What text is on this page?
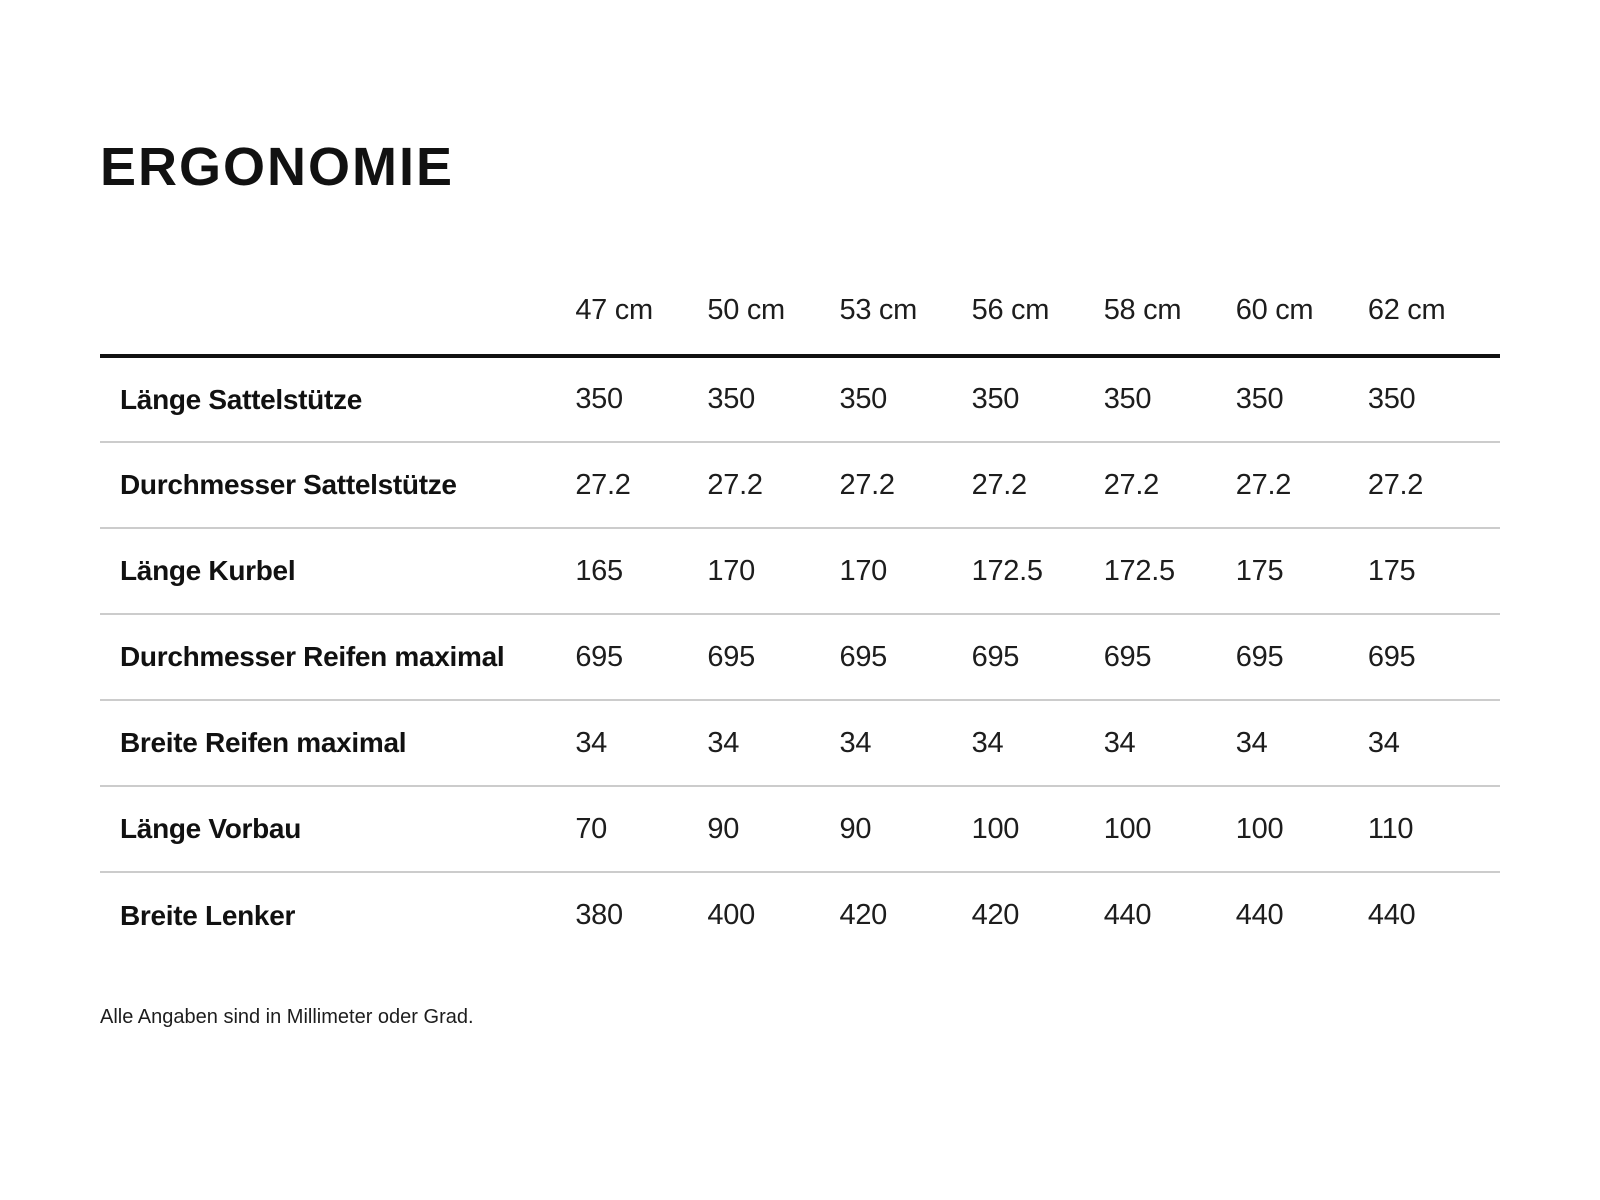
ERGONOMIE
	47 cm	50 cm	53 cm	56 cm	58 cm	60 cm	62 cm
Länge Sattelstütze	350	350	350	350	350	350	350
Durchmesser Sattelstütze	27.2	27.2	27.2	27.2	27.2	27.2	27.2
Länge Kurbel	165	170	170	172.5	172.5	175	175
Durchmesser Reifen maximal	695	695	695	695	695	695	695
Breite Reifen maximal	34	34	34	34	34	34	34
Länge Vorbau	70	90	90	100	100	100	110
Breite Lenker	380	400	420	420	440	440	440

Alle Angaben sind in Millimeter oder Grad.
